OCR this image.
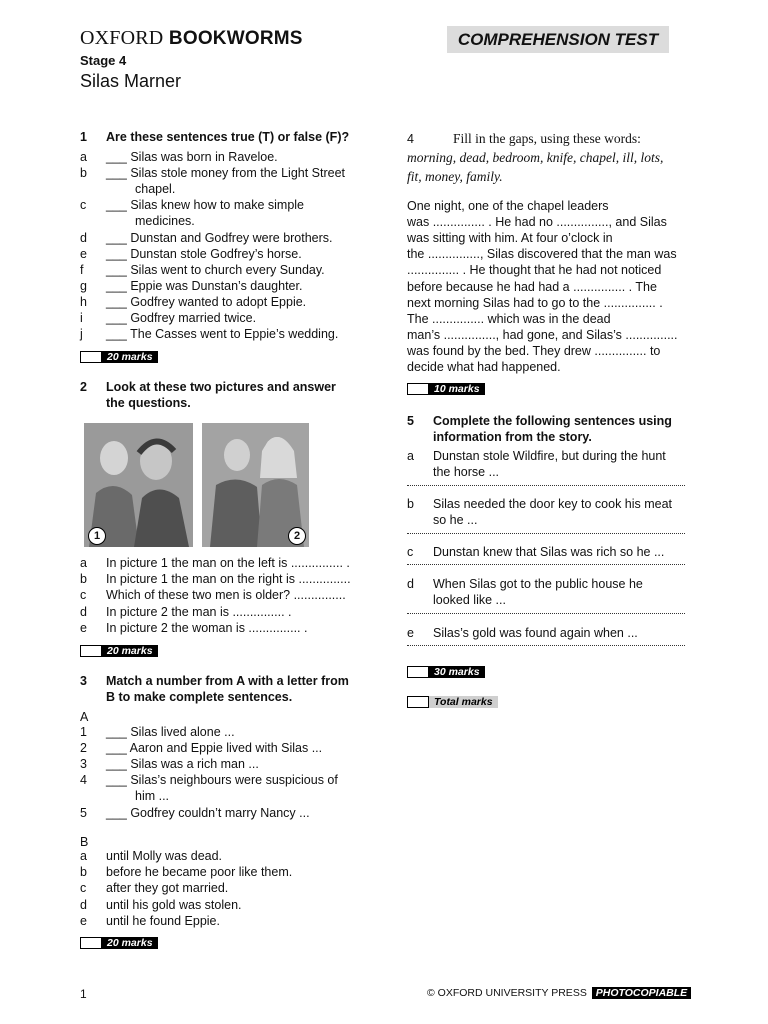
OXFORD BOOKWORMS
Stage 4
Silas Marner
COMPREHENSION TEST
1 Are these sentences true (T) or false (F)?
a ___ Silas was born in Raveloe.
b ___ Silas stole money from the Light Street
chapel.
c ___ Silas knew how to make simple
medicines.
d ___ Dunstan and Godfrey were brothers.
e ___ Dunstan stole Godfrey’s horse.
f ___ Silas went to church every Sunday.
g ___ Eppie was Dunstan’s daughter.
h ___ Godfrey wanted to adopt Eppie.
i ___ Godfrey married twice.
j ___ The Casses went to Eppie’s wedding.
20 marks
2 Look at these two pictures and answer
the questions.
1	2
a In picture 1 the man on the left is ............... .
b In picture 1 the man on the right is ...............
c Which of these two men is older? ...............
d In picture 2 the man is ............... .
e In picture 2 the woman is ............... .
20 marks
3 Match a number from A with a letter from
B to make complete sentences.
A
1 ___ Silas lived alone ...
2 ___ Aaron and Eppie lived with Silas ...
3 ___ Silas was a rich man ...
4 ___ Silas’s neighbours were suspicious of
him ...
5 ___ Godfrey couldn’t marry Nancy ...
B
a until Molly was dead.
b before he became poor like them.
c after they got married.
d until his gold was stolen.
e until he found Eppie.
20 marks
4	Fill in the gaps, using these words:
morning, dead, bedroom, knife, chapel, ill, lots,
fit, money, family.
One night, one of the chapel leaders
was ............... . He had no ..............., and Silas
was sitting with him. At four o’clock in
the ..............., Silas discovered that the man was
............... . He thought that he had not noticed
before because he had had a ............... . The
next morning Silas had to go to the ............... .
The ............... which was in the dead
man’s ..............., had gone, and Silas’s ...............
was found by the bed. They drew ............... to
decide what had happened.
10 marks
5 Complete the following sentences using
information from the story.
a Dunstan stole Wildfire, but during the hunt
the horse ...
b Silas needed the door key to cook his meat
so he ...
c Dunstan knew that Silas was rich so he ...
d When Silas got to the public house he
looked like ...
e Silas’s gold was found again when ...
30 marks
Total marks
1	© OXFORD UNIVERSITY PRESS PHOTOCOPIABLE
